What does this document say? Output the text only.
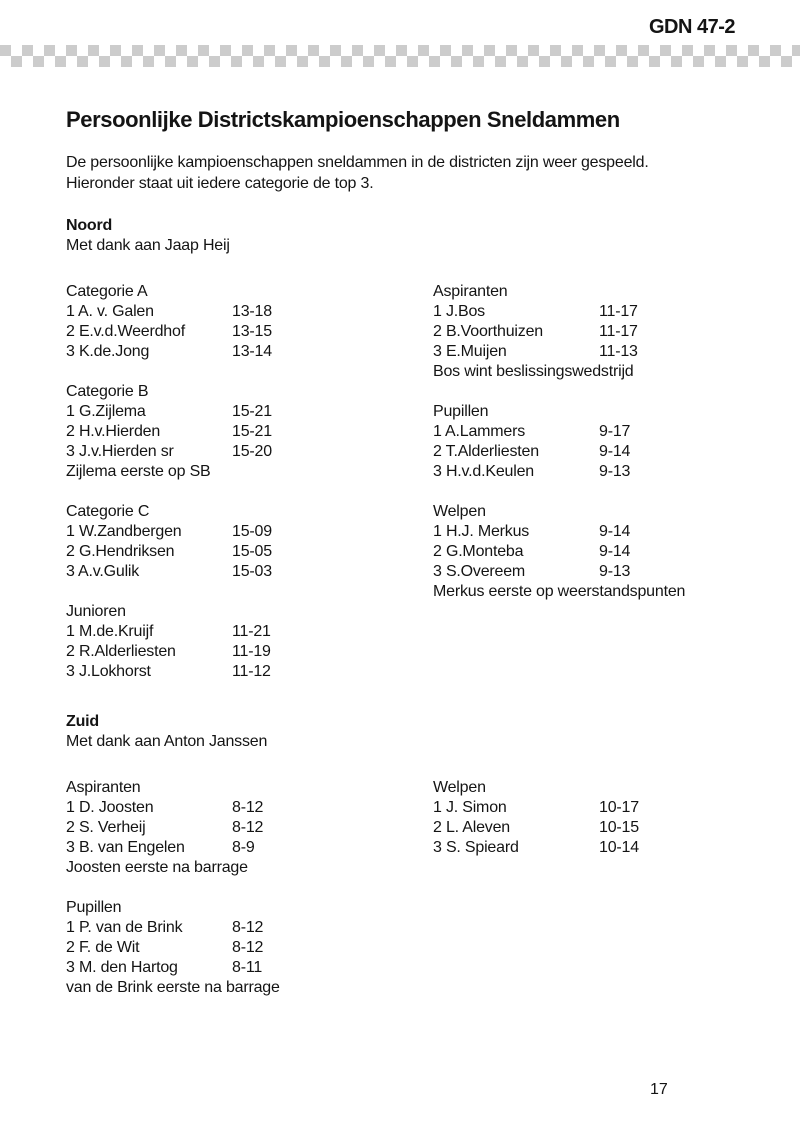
GDN 47-2
Persoonlijke Districtskampioenschappen Sneldammen
De persoonlijke kampioenschappen sneldammen in de districten zijn weer gespeeld.
Hieronder staat uit iedere categorie de top 3.
Noord
Met dank aan Jaap Heij
Categorie A
1 A. v. Galen	13-18
2 E.v.d.Weerdhof	13-15
3 K.de.Jong	13-14
Categorie B
1 G.Zijlema	15-21
2 H.v.Hierden	15-21
3 J.v.Hierden sr	15-20
Zijlema eerste op SB
Categorie C
1 W.Zandbergen	15-09
2 G.Hendriksen	15-05
3 A.v.Gulik	15-03
Junioren
1 M.de.Kruijf	11-21
2 R.Alderliesten	11-19
3 J.Lokhorst	11-12
Aspiranten
1 J.Bos	11-17
2 B.Voorthuizen	11-17
3 E.Muijen	11-13
Bos wint beslissingswedstrijd
Pupillen
1 A.Lammers	9-17
2 T.Alderliesten	9-14
3 H.v.d.Keulen	9-13
Welpen
1 H.J. Merkus	9-14
2 G.Monteba	9-14
3 S.Overeem	9-13
Merkus eerste op weerstandspunten
Zuid
Met dank aan Anton Janssen
Aspiranten
1 D. Joosten	8-12
2 S. Verheij	8-12
3 B. van Engelen	8-9
Joosten eerste na barrage
Pupillen
1 P. van de Brink	8-12
2 F. de Wit	8-12
3 M. den Hartog	8-11
van de Brink eerste na barrage
Welpen
1 J. Simon	10-17
2 L. Aleven	10-15
3 S. Spieard	10-14
17
